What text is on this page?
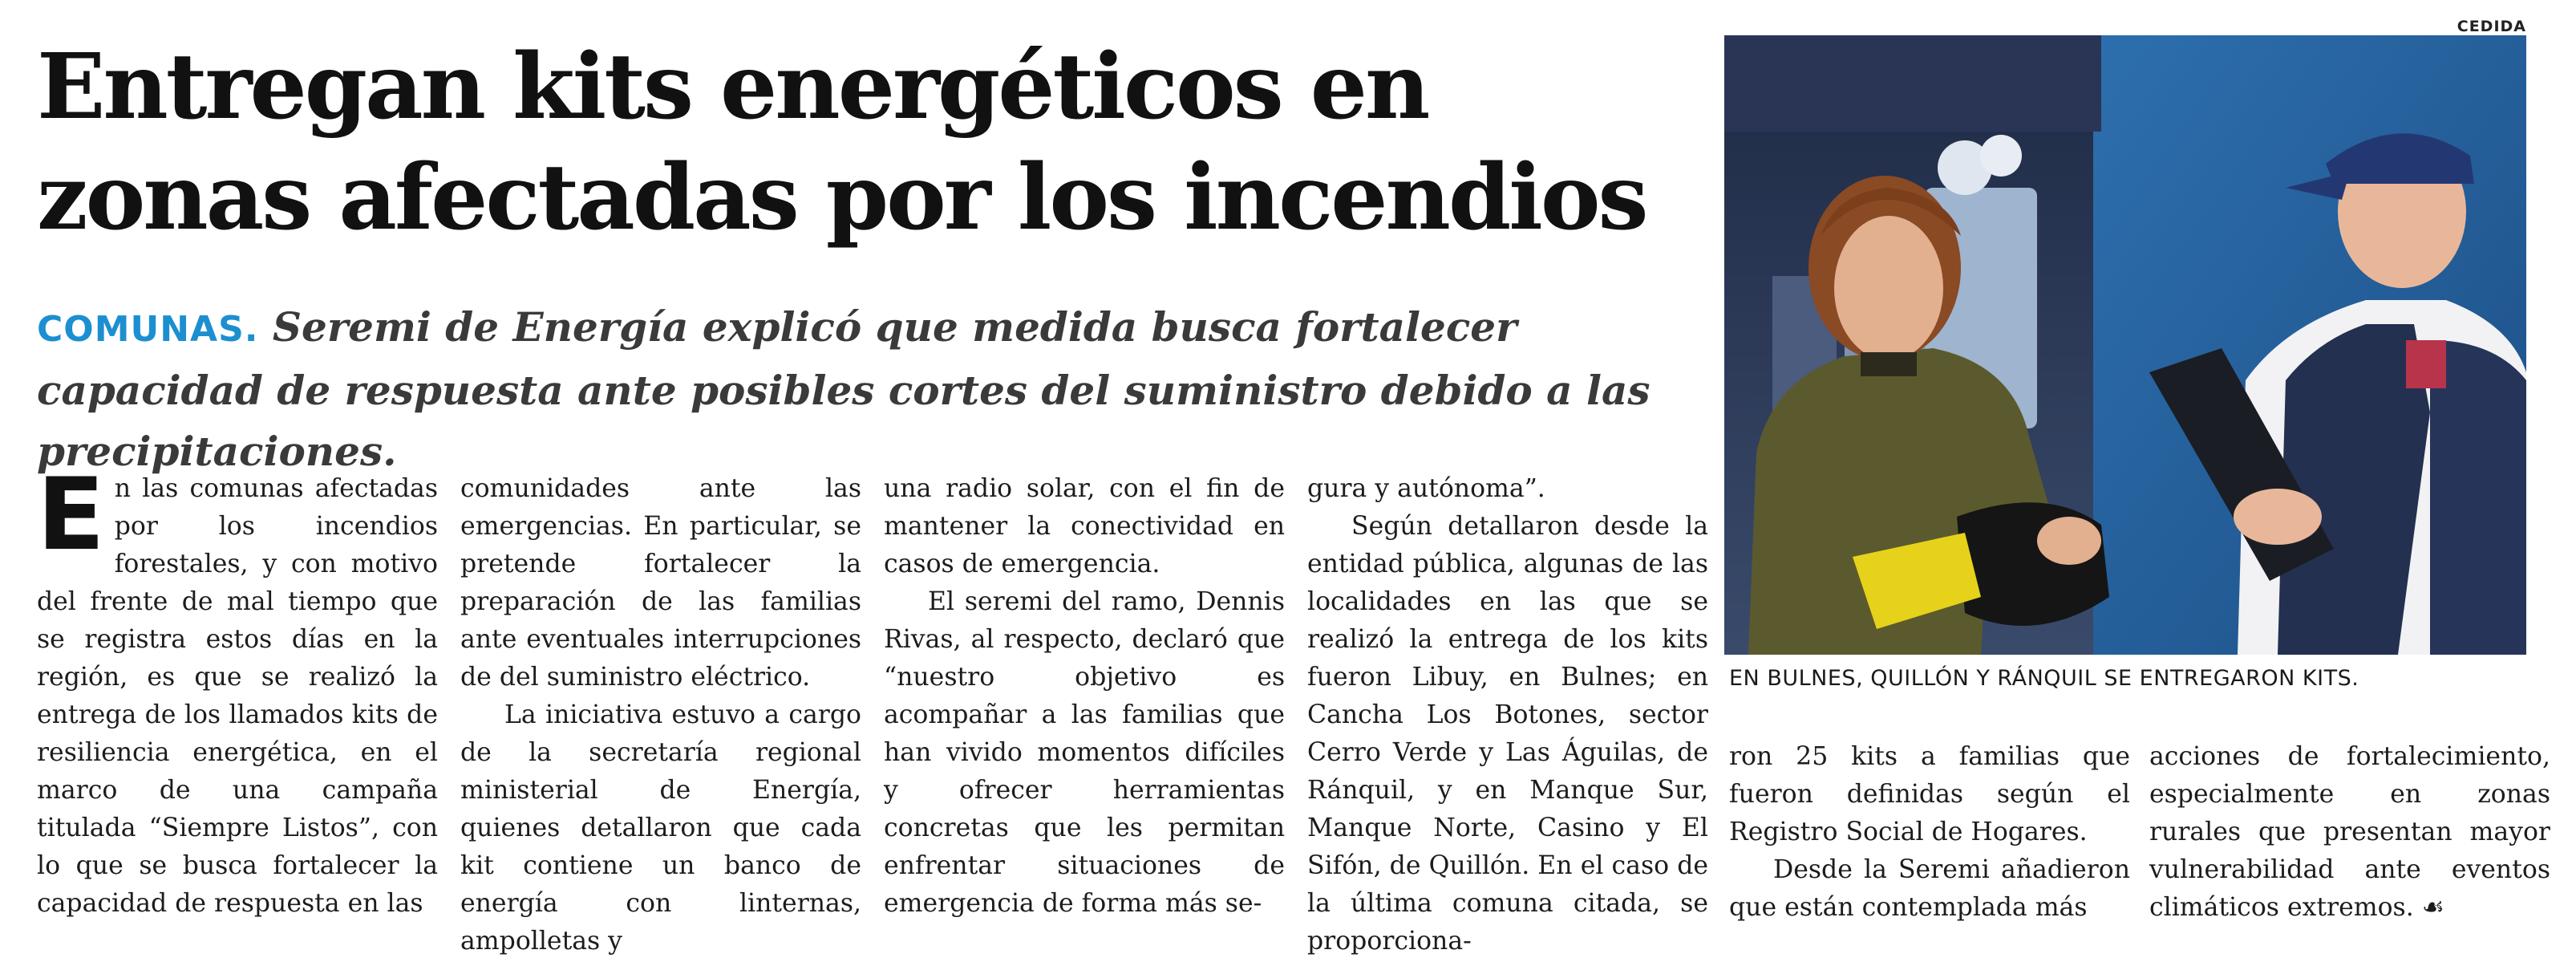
Entregan kits energéticos en zonas afectadas por los incendios
COMUNAS. Seremi de Energía explicó que medida busca fortalecer capacidad de respuesta ante posibles cortes del suministro debido a las precipitaciones.

En las comunas afectadas por los incendios forestales, y con motivo del frente de mal tiempo que se registra estos días en la región, es que se realizó la entrega de los llamados kits de resiliencia energética, en el marco de una campaña titulada “Siempre Listos”, con lo que se busca fortalecer la capacidad de respuesta en las

comunidades ante las emergencias. En particular, se pretende fortalecer la preparación de las familias ante eventuales interrupciones de del suministro eléctrico.

La iniciativa estuvo a cargo de la secretaría regional ministerial de Energía, quienes detallaron que cada kit contiene un banco de energía con linternas, ampolletas y

una radio solar, con el fin de mantener la conectividad en casos de emergencia.

El seremi del ramo, Dennis Rivas, al respecto, declaró que “nuestro objetivo es acompañar a las familias que han vivido momentos difíciles y ofrecer herramientas concretas que les permitan enfrentar situaciones de emergencia de forma más se-

gura y autónoma”.

Según detallaron desde la entidad pública, algunas de las localidades en las que se realizó la entrega de los kits fueron Libuy, en Bulnes; en Cancha Los Botones, sector Cerro Verde y Las Águilas, de Ránquil, y en Manque Sur, Manque Norte, Casino y El Sifón, de Quillón. En el caso de la última comuna citada, se proporciona-

ron 25 kits a familias que fueron definidas según el Registro Social de Hogares.

Desde la Seremi añadieron que están contemplada más

acciones de fortalecimiento, especialmente en zonas rurales que presentan mayor vulnerabilidad ante eventos climáticos extremos. ☙

CEDIDA
EN BULNES, QUILLÓN Y RÁNQUIL SE ENTREGARON KITS.
